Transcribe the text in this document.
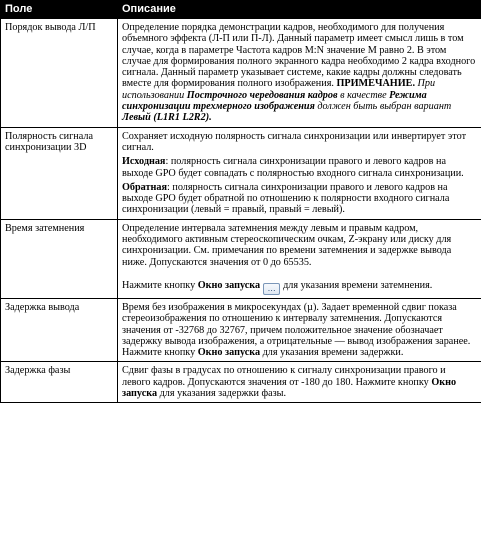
Поле	Описание
Порядок вывода Л/П	Определение порядка демонстрации кадров, необходимого для получения объемного эффекта (Л-П или П-Л). Данный параметр имеет смысл лишь в том случае, когда в параметре Частота кадров M:N значение M равно 2. В этом случае для формирования полного экранного кадра необходимо 2 кадра входного сигнала. Данный параметр указывает системе, какие кадры должны следовать вместе для формирования полного изображения. ПРИМЕЧАНИЕ. При использовании Построчного чередования кадров в качестве Режима синхронизации трехмерного изображения должен быть выбран вариант Левый (L1R1 L2R2).

Полярность сигнала синхронизации 3D	Сохраняет исходную полярность сигнала синхронизации или инвертирует этот сигнал.

Исходная: полярность сигнала синхронизации правого и левого кадров на выходе GPO будет совпадать с полярностью входного сигнала синхронизации.

Обратная: полярность сигнала синхронизации правого и левого кадров на выходе GPO будет обратной по отношению к полярности входного сигнала синхронизации (левый = правый, правый = левый).

Время затемнения	Определение интервала затемнения между левым и правым кадром, необходимого активным стереоскопическим очкам, Z-экрану или диску для синхронизации. См. примечания по времени затемнения и задержке вывода ниже. Допускаются значения от 0 до 65535.

Нажмите кнопку Окно запуска … для указания времени затемнения.

Задержка вывода	Время без изображения в микросекундах (µ). Задает временной сдвиг показа стереоизображения по отношению к интервалу затемнения. Допускаются значения от -32768 до 32767, причем положительное значение обозначает задержку вывода изображения, а отрицательные — вывод изображения заранее. Нажмите кнопку Окно запуска для указания времени задержки.

Задержка фазы	Сдвиг фазы в градусах по отношению к сигналу синхронизации правого и левого кадров. Допускаются значения от -180 до 180. Нажмите кнопку Окно запуска для указания задержки фазы.
